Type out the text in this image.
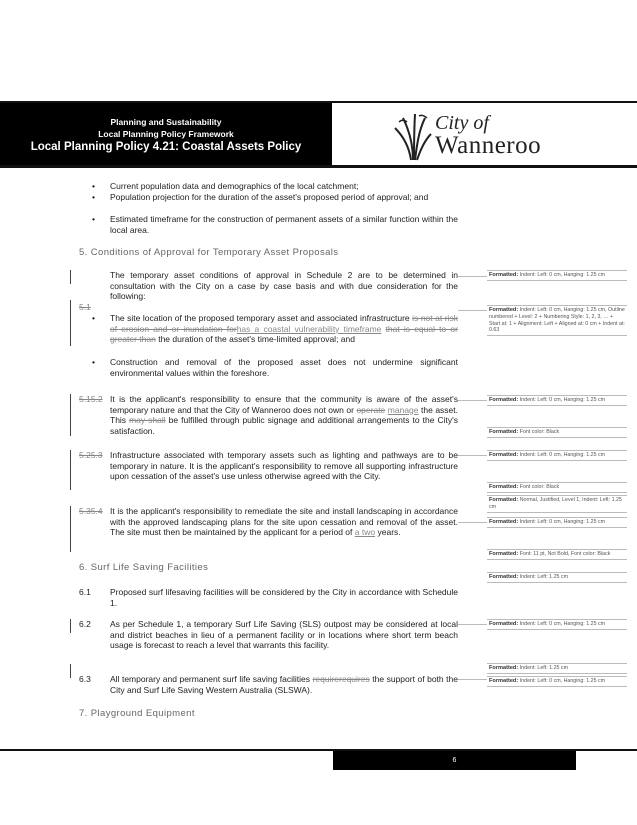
Planning and Sustainability
Local Planning Policy Framework
Local Planning Policy 4.21: Coastal Assets Policy
City of
Wanneroo
• Current population data and demographics of the local catchment;
• Population projection for the duration of the asset's proposed period of approval; and
• Estimated timeframe for the construction of permanent assets of a similar function within the local area.
5. Conditions of Approval for Temporary Asset Proposals
The temporary asset conditions of approval in Schedule 2 are to be determined in consultation with the City on a case by case basis and with due consideration for the following:
5.1
• The site location of the proposed temporary asset and associated infrastructure is not at risk of erosion and or inundation forhas a coastal vulnerability timeframe that is equal to or greater than the duration of the asset's time-limited approval; and
• Construction and removal of the proposed asset does not undermine significant environmental values within the foreshore.
5.15.2 It is the applicant's responsibility to ensure that the community is aware of the asset's temporary nature and that the City of Wanneroo does not own or operate manage the asset. This may shall be fulfilled through public signage and additional arrangements to the City's satisfaction.
5.25.3 Infrastructure associated with temporary assets such as lighting and pathways are to be temporary in nature. It is the applicant's responsibility to remove all supporting infrastructure upon cessation of the asset's use unless otherwise agreed with the City.
5.35.4 It is the applicant's responsibility to remediate the site and install landscaping in accordance with the approved landscaping plans for the site upon cessation and removal of the asset. The site must then be maintained by the applicant for a period of a two years.
6. Surf Life Saving Facilities
6.1 Proposed surf lifesaving facilities will be considered by the City in accordance with Schedule 1.
6.2 As per Schedule 1, a temporary Surf Life Saving (SLS) outpost may be considered at local and district beaches in lieu of a permanent facility or in locations where short term beach usage is forecast to reach a level that warrants this facility.
6.3 All temporary and permanent surf life saving facilities requirerequires the support of both the City and Surf Life Saving Western Australia (SLSWA).
7. Playground Equipment
Formatted: Indent: Left: 0 cm, Hanging: 1.25 cm
Formatted: Indent: Left: 0 cm, Hanging: 1.25 cm, Outline numbered + Level: 2 + Numbering Style: 1, 2, 3, … + Start at: 1 + Alignment: Left + Aligned at: 0 cm + Indent at: 0.63
Formatted: Indent: Left: 0 cm, Hanging: 1.25 cm
Formatted: Font color: Black
Formatted: Indent: Left: 0 cm, Hanging: 1.25 cm
Formatted: Font color: Black
Formatted: Normal, Justified, Level 1, Indent: Left: 1.25 cm
Formatted: Indent: Left: 0 cm, Hanging: 1.25 cm
Formatted: Font: 11 pt, Not Bold, Font color: Black
Formatted: Indent: Left: 1.25 cm
Formatted: Indent: Left: 0 cm, Hanging: 1.25 cm
Formatted: Indent: Left: 1.25 cm
Formatted: Indent: Left: 0 cm, Hanging: 1.25 cm
6
